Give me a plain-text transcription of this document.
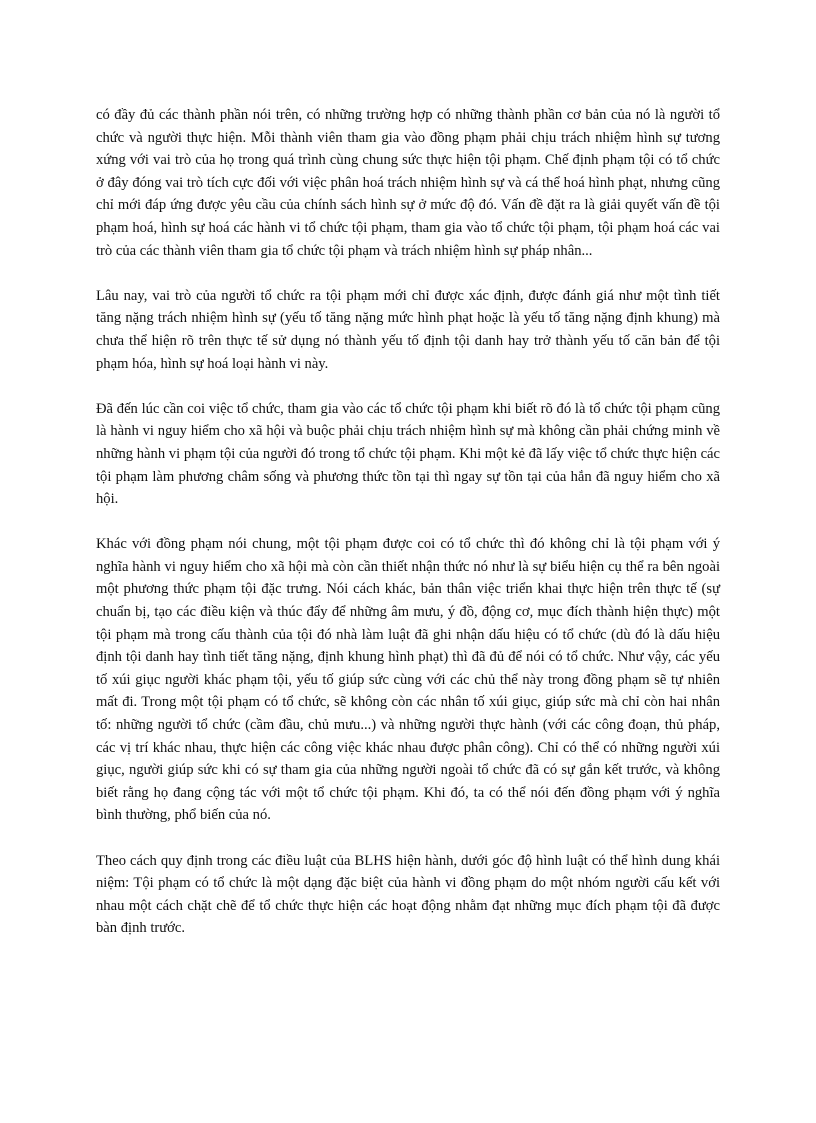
có đầy đủ các thành phần nói trên, có những trường hợp có những thành phần cơ bản của nó là người tổ chức và người thực hiện. Mỗi thành viên tham gia vào đồng phạm phải chịu trách nhiệm hình sự tương xứng với vai trò của họ trong quá trình cùng chung sức thực hiện tội phạm. Chế định phạm tội có tổ chức ở đây đóng vai trò tích cực đối với việc phân hoá trách nhiệm hình sự và cá thể hoá hình phạt, nhưng cũng chỉ mới đáp ứng được yêu cầu của chính sách hình sự ở mức độ đó. Vấn đề đặt ra là giải quyết vấn đề tội phạm hoá, hình sự hoá các hành vi tổ chức tội phạm, tham gia vào tổ chức tội phạm, tội phạm hoá các vai trò của các thành viên tham gia tổ chức tội phạm và trách nhiệm hình sự pháp nhân...

Lâu nay, vai trò của người tổ chức ra tội phạm mới chỉ được xác định, được đánh giá như một tình tiết tăng nặng trách nhiệm hình sự (yếu tố tăng nặng mức hình phạt hoặc là yếu tố tăng nặng định khung) mà chưa thể hiện rõ trên thực tế sử dụng nó thành yếu tố định tội danh hay trở thành yếu tố căn bản để tội phạm hóa, hình sự hoá loại hành vi này.

Đã đến lúc cần coi việc tổ chức, tham gia vào các tổ chức tội phạm khi biết rõ đó là tổ chức tội phạm cũng là hành vi nguy hiểm cho xã hội và buộc phải chịu trách nhiệm hình sự mà không cần phải chứng minh về những hành vi phạm tội của người đó trong tổ chức tội phạm. Khi một kẻ đã lấy việc tổ chức thực hiện các tội phạm làm phương châm sống và phương thức tồn tại thì ngay sự tồn tại của hắn đã nguy hiểm cho xã hội.

Khác với đồng phạm nói chung, một tội phạm được coi có tổ chức thì đó không chỉ là tội phạm với ý nghĩa hành vi nguy hiểm cho xã hội mà còn cần thiết nhận thức nó như là sự biểu hiện cụ thể ra bên ngoài một phương thức phạm tội đặc trưng. Nói cách khác, bản thân việc triển khai thực hiện trên thực tế (sự chuẩn bị, tạo các điều kiện và thúc đẩy để những âm mưu, ý đồ, động cơ, mục đích thành hiện thực) một tội phạm mà trong cấu thành của tội đó nhà làm luật đã ghi nhận dấu hiệu có tổ chức (dù đó là dấu hiệu định tội danh hay tình tiết tăng nặng, định khung hình phạt) thì đã đủ để nói có tổ chức. Như vậy, các yếu tố xúi giục người khác phạm tội, yếu tố giúp sức cùng với các chủ thể này trong đồng phạm sẽ tự nhiên mất đi. Trong một tội phạm có tổ chức, sẽ không còn các nhân tố xúi giục, giúp sức mà chỉ còn hai nhân tố: những người tổ chức (cầm đầu, chủ mưu...) và những người thực hành (với các công đoạn, thủ pháp, các vị trí khác nhau, thực hiện các công việc khác nhau được phân công). Chỉ có thể có những người xúi giục, người giúp sức khi có sự tham gia của những người ngoài tổ chức đã có sự gắn kết trước, và không biết rằng họ đang cộng tác với một tổ chức tội phạm. Khi đó, ta có thể nói đến đồng phạm với ý nghĩa bình thường, phổ biến của nó.

Theo cách quy định trong các điều luật của BLHS hiện hành, dưới góc độ hình luật có thể hình dung khái niệm: Tội phạm có tổ chức là một dạng đặc biệt của hành vi đồng phạm do một nhóm người cấu kết với nhau một cách chặt chẽ để tổ chức thực hiện các hoạt động nhằm đạt những mục đích phạm tội đã được bàn định trước.
